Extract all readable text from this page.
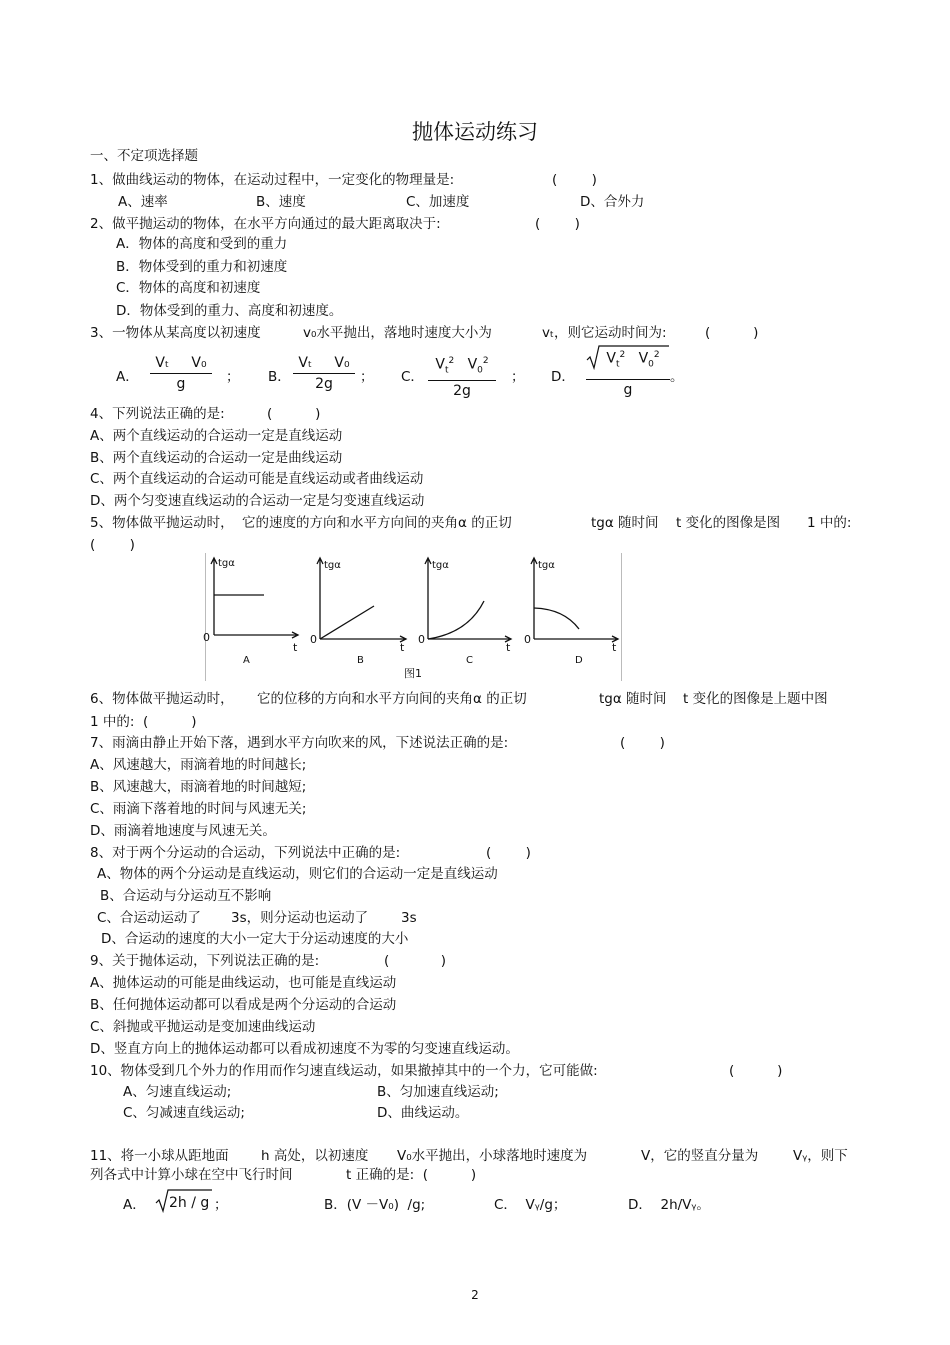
抛体运动练习
一、不定项选择题
1、做曲线运动的物体，在运动过程中，一定变化的物理量是:	(        )
A、速率	B、速度	C、加速度	D、合外力
2、做平抛运动的物体，在水平方向通过的最大距离取决于:	(        )
A．物体的高度和受到的重力
B．物体受到的重力和初速度
C．物体的高度和初速度
D．物体受到的重力、高度和初速度。
3、一物体从某高度以初速度	v₀水平抛出，落地时速度大小为	vₜ，则它运动时间为:	(          )
A．
Vₜ     V₀
g	； B．
Vₜ     V₀
2g	； C．
$V_t^2$ $V_0^2$
2g
； D．
$V_t^2$ $V_0^2$
g
。
4、下列说法正确的是:	(          )
A、两个直线运动的合运动一定是直线运动
B、两个直线运动的合运动一定是曲线运动
C、两个直线运动的合运动可能是直线运动或者曲线运动
D、两个匀变速直线运动的合运动一定是匀变速直线运动
5、物体做平抛运动时， 它的速度的方向和水平方向间的夹角α 的正切	tgα 随时间 t 变化的图像是图 1 中的:
(        )
tgα	tgα	tgα	tgα
0	0	0	0
t	t	t	t
A	B	C	D
图1
6、物体做平抛运动时， 它的位移的方向和水平方向间的夹角α 的正切	tgα 随时间 t 变化的图像是上题中图
1 中的:  (          )
7、雨滴由静止开始下落，遇到水平方向吹来的风，下述说法正确的是:	(        )
A、风速越大，雨滴着地的时间越长;
B、风速越大，雨滴着地的时间越短;
C、雨滴下落着地的时间与风速无关;
D、雨滴着地速度与风速无关。
8、对于两个分运动的合运动，下列说法中正确的是:	(        )
A、物体的两个分运动是直线运动，则它们的合运动一定是直线运动
B、合运动与分运动互不影响
C、合运动运动了 3s，则分运动也运动了 3s
D、合运动的速度的大小一定大于分运动速度的大小
9、关于抛体运动，下列说法正确的是:	(            )
A、抛体运动的可能是曲线运动，也可能是直线运动
B、任何抛体运动都可以看成是两个分运动的合运动
C、斜抛或平抛运动是变加速曲线运动
D、竖直方向上的抛体运动都可以看成初速度不为零的匀变速直线运动。
10、物体受到几个外力的作用而作匀速直线运动，如果撤掉其中的一个力，它可能做:	(          )
A、匀速直线运动;	B、匀加速直线运动;
C、匀减速直线运动;	D、曲线运动。
11、将一小球从距地面 h 高处，以初速度 V₀水平抛出，小球落地时速度为	V，它的竖直分量为	Vᵧ，则下
列各式中计算小球在空中飞行时间	t 正确的是:  (          )
A． 2h / g ；	B．(V －V₀)  /g;	C．  Vᵧ/g；	D．  2h/Vᵧ。
2
